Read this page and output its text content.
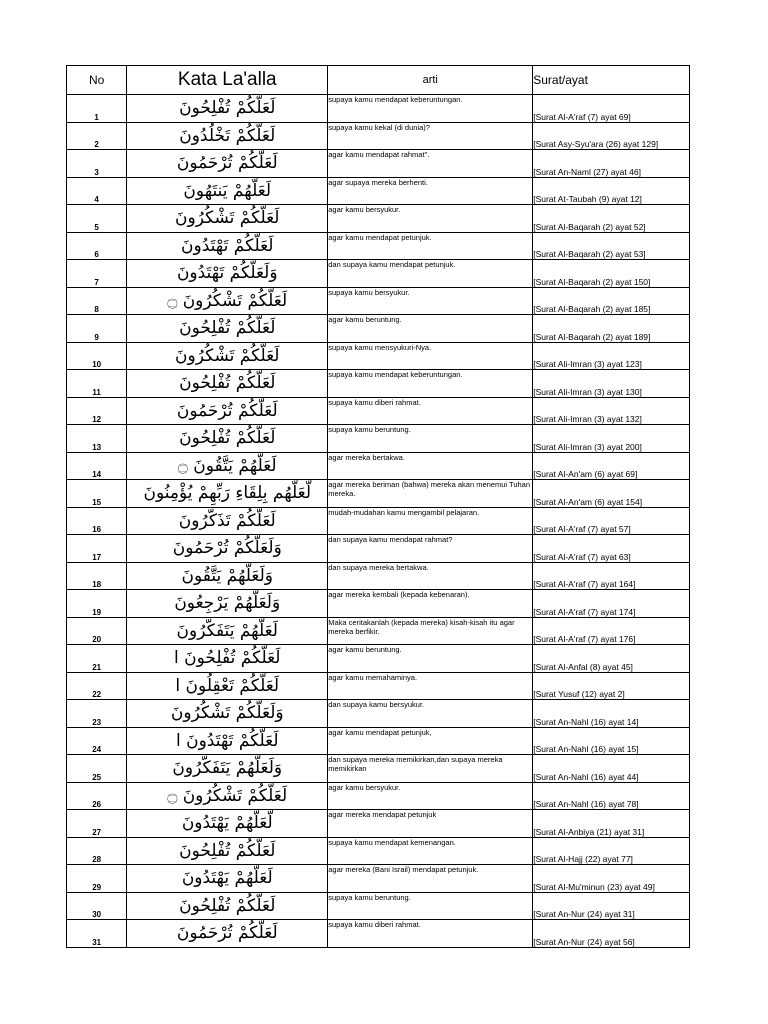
No	Kata La'alla	arti	Surat/ayat
1	لَعَلَّكُمْ تُفْلِحُونَ	supaya kamu mendapat keberuntungan.	[Surat Al-A'raf (7) ayat 69]
2	لَعَلَّكُمْ تَخْلُدُونَ	supaya kamu kekal (di dunia)?	[Surat Asy-Syu'ara (26) ayat 129]
3	لَعَلَّكُمْ تُرْحَمُونَ	agar kamu mendapat rahmat".	[Surat An-Naml (27) ayat 46]
4	لَعَلَّهُمْ يَنتَهُونَ	agar supaya mereka berhenti.	[Surat At-Taubah (9) ayat 12]
5	لَعَلَّكُمْ تَشْكُرُونَ	agar kamu bersyukur.	[Surat Al-Baqarah (2) ayat 52]
6	لَعَلَّكُمْ تَهْتَدُونَ	agar kamu mendapat petunjuk.	[Surat Al-Baqarah (2) ayat 53]
7	وَلَعَلَّكُمْ تَهْتَدُونَ	dan supaya kamu mendapat petunjuk.	[Surat Al-Baqarah (2) ayat 150]
8	لَعَلَّكُمْ تَشْكُرُونَ ۝	supaya kamu bersyukur.	[Surat Al-Baqarah (2) ayat 185]
9	لَعَلَّكُمْ تُفْلِحُونَ	agar kamu beruntung.	[Surat Al-Baqarah (2) ayat 189]
10	لَعَلَّكُمْ تَشْكُرُونَ	supaya kamu mensyukuri-Nya.	[Surat Ali-Imran (3) ayat 123]
11	لَعَلَّكُمْ تُفْلِحُونَ	supaya kamu mendapat keberuntungan.	[Surat Ali-Imran (3) ayat 130]
12	لَعَلَّكُمْ تُرْحَمُونَ	supaya kamu diberi rahmat.	[Surat Ali-Imran (3) ayat 132]
13	لَعَلَّكُمْ تُفْلِحُونَ	supaya kamu beruntung.	[Surat Ali-Imran (3) ayat 200]
14	لَعَلَّهُمْ يَتَّقُونَ ۝	agar mereka bertakwa.	[Surat Al-An'am (6) ayat 69]
15	لَّعَلَّهُم بِلِقَاءِ رَبِّهِمْ يُؤْمِنُونَ	agar mereka beriman (bahwa) mereka akan menemui Tuhan mereka.	[Surat Al-An'am (6) ayat 154]
16	لَعَلَّكُمْ تَذَكَّرُونَ	mudah-mudahan kamu mengambil pelajaran.	[Surat Al-A'raf (7) ayat 57]
17	وَلَعَلَّكُمْ تُرْحَمُونَ	dan supaya kamu mendapat rahmat?	[Surat Al-A'raf (7) ayat 63]
18	وَلَعَلَّهُمْ يَتَّقُونَ	dan supaya mereka bertakwa.	[Surat Al-A'raf (7) ayat 164]
19	وَلَعَلَّهُمْ يَرْجِعُونَ	agar mereka kembali (kepada kebenaran).	[Surat Al-A'raf (7) ayat 174]
20	لَعَلَّهُمْ يَتَفَكَّرُونَ	Maka ceritakanlah (kepada mereka) kisah-kisah itu agar mereka berfikir.	[Surat Al-A'raf (7) ayat 176]
21	لَعَلَّكُمْ تُفْلِحُونَ ا	agar kamu beruntung.	[Surat Al-Anfal (8) ayat 45]
22	لَعَلَّكُمْ تَعْقِلُونَ ا	agar kamu memahaminya.	[Surat Yusuf (12) ayat 2]
23	وَلَعَلَّكُمْ تَشْكُرُونَ	dan supaya kamu bersyukur.	[Surat An-Nahl (16) ayat 14]
24	لَعَلَّكُمْ تَهْتَدُونَ ا	agar kamu mendapat petunjuk,	[Surat An-Nahl (16) ayat 15]
25	وَلَعَلَّهُمْ يَتَفَكَّرُونَ	dan supaya mereka memikirkan,dan supaya mereka memikirkan	[Surat An-Nahl (16) ayat 44]
26	لَعَلَّكُمْ تَشْكُرُونَ ۝	agar kamu bersyukur.	[Surat An-Nahl (16) ayat 78]
27	لَّعَلَّهُمْ يَهْتَدُونَ	agar mereka mendapat petunjuk	[Surat Al-Anbiya (21) ayat 31]
28	لَعَلَّكُمْ تُفْلِحُونَ	supaya kamu mendapat kemenangan.	[Surat Al-Hajj (22) ayat 77]
29	لَعَلَّهُمْ يَهْتَدُونَ	agar mereka (Bani Israil) mendapat petunjuk.	[Surat Al-Mu'minun (23) ayat 49]
30	لَعَلَّكُمْ تُفْلِحُونَ	supaya kamu beruntung.	[Surat An-Nur (24) ayat 31]
31	لَعَلَّكُمْ تُرْحَمُونَ	supaya kamu diberi rahmat.	[Surat An-Nur (24) ayat 56]
